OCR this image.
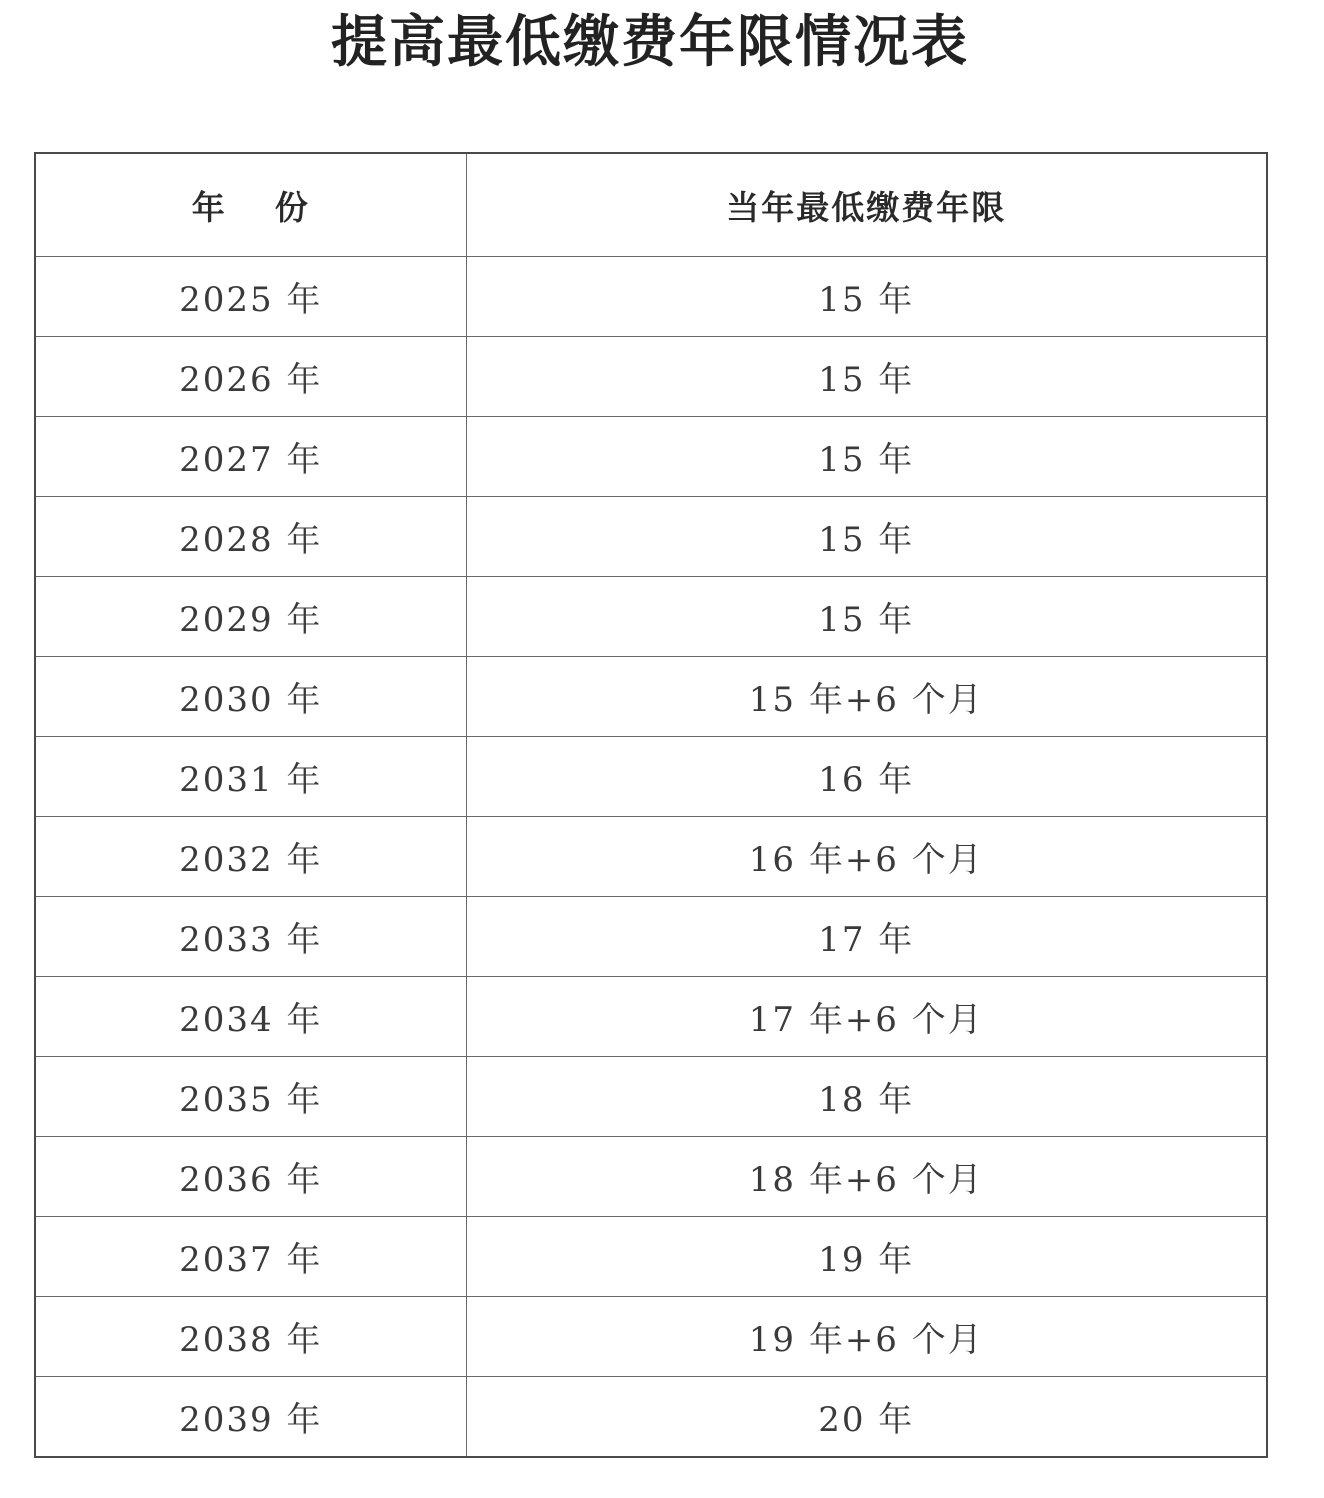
提高最低缴费年限情况表
年 份	当年最低缴费年限
2025 年	15 年
2026 年	15 年
2027 年	15 年
2028 年	15 年
2029 年	15 年
2030 年	15 年+6 个月
2031 年	16 年
2032 年	16 年+6 个月
2033 年	17 年
2034 年	17 年+6 个月
2035 年	18 年
2036 年	18 年+6 个月
2037 年	19 年
2038 年	19 年+6 个月
2039 年	20 年
